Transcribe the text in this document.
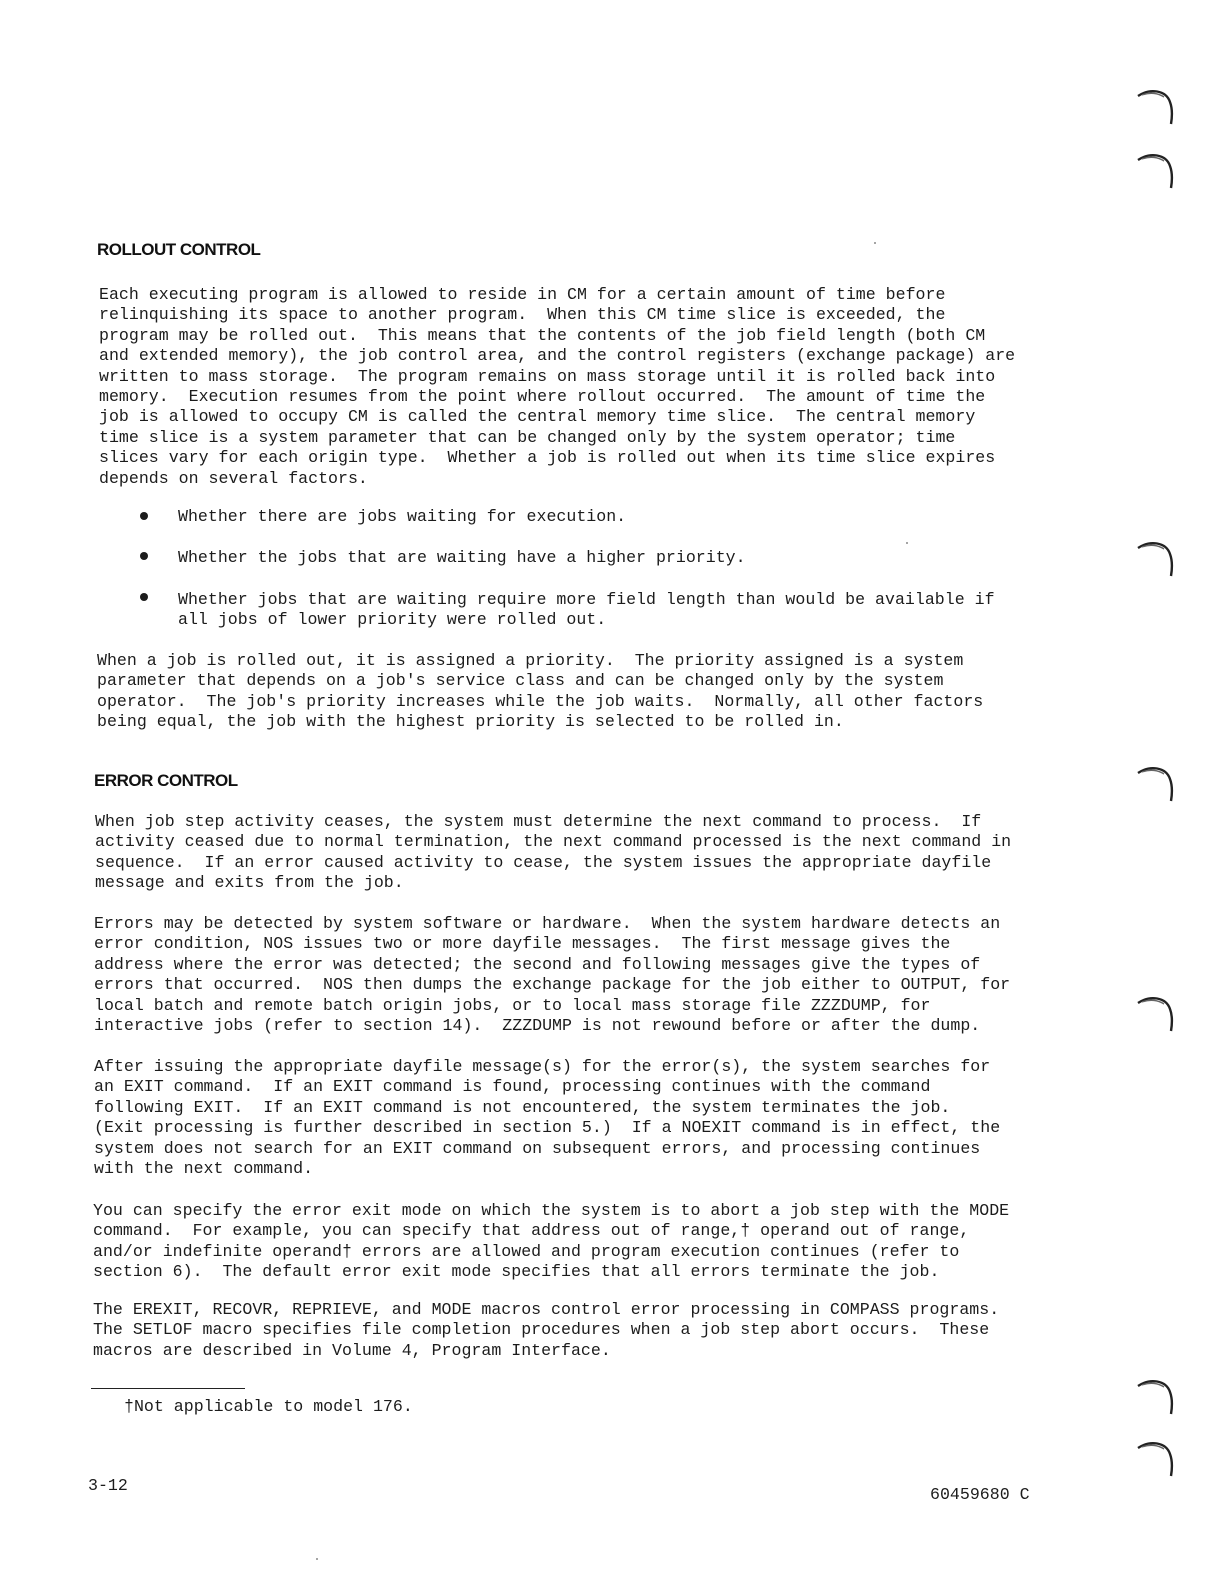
ROLLOUT CONTROL

Each executing program is allowed to reside in CM for a certain amount of time before
relinquishing its space to another program.  When this CM time slice is exceeded, the
program may be rolled out.  This means that the contents of the job field length (both CM
and extended memory), the job control area, and the control registers (exchange package) are
written to mass storage.  The program remains on mass storage until it is rolled back into
memory.  Execution resumes from the point where rollout occurred.  The amount of time the
job is allowed to occupy CM is called the central memory time slice.  The central memory
time slice is a system parameter that can be changed only by the system operator; time
slices vary for each origin type.  Whether a job is rolled out when its time slice expires
depends on several factors.

Whether there are jobs waiting for execution.

Whether the jobs that are waiting have a higher priority.

Whether jobs that are waiting require more field length than would be available if
all jobs of lower priority were rolled out.

When a job is rolled out, it is assigned a priority.  The priority assigned is a system
parameter that depends on a job's service class and can be changed only by the system
operator.  The job's priority increases while the job waits.  Normally, all other factors
being equal, the job with the highest priority is selected to be rolled in.

ERROR CONTROL

When job step activity ceases, the system must determine the next command to process.  If
activity ceased due to normal termination, the next command processed is the next command in
sequence.  If an error caused activity to cease, the system issues the appropriate dayfile
message and exits from the job.

Errors may be detected by system software or hardware.  When the system hardware detects an
error condition, NOS issues two or more dayfile messages.  The first message gives the
address where the error was detected; the second and following messages give the types of
errors that occurred.  NOS then dumps the exchange package for the job either to OUTPUT, for
local batch and remote batch origin jobs, or to local mass storage file ZZZDUMP, for
interactive jobs (refer to section 14).  ZZZDUMP is not rewound before or after the dump.

After issuing the appropriate dayfile message(s) for the error(s), the system searches for
an EXIT command.  If an EXIT command is found, processing continues with the command
following EXIT.  If an EXIT command is not encountered, the system terminates the job.
(Exit processing is further described in section 5.)  If a NOEXIT command is in effect, the
system does not search for an EXIT command on subsequent errors, and processing continues
with the next command.

You can specify the error exit mode on which the system is to abort a job step with the MODE
command.  For example, you can specify that address out of range,† operand out of range,
and/or indefinite operand† errors are allowed and program execution continues (refer to
section 6).  The default error exit mode specifies that all errors terminate the job.

The EREXIT, RECOVR, REPRIEVE, and MODE macros control error processing in COMPASS programs.
The SETLOF macro specifies file completion procedures when a job step abort occurs.  These
macros are described in Volume 4, Program Interface.

†Not applicable to model 176.

3-12	60459680 C
